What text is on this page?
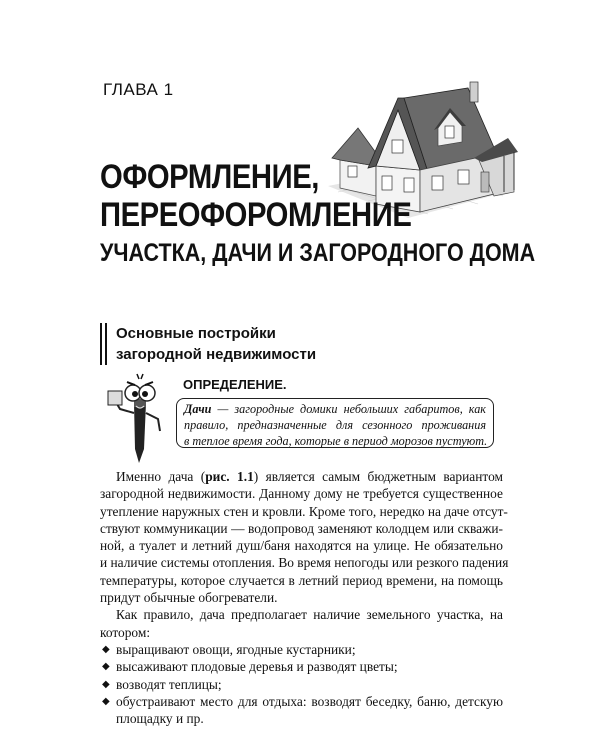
ГЛАВА 1
ОФОРМЛЕНИЕ,
ПЕРЕОФОРОМЛЕНИЕ
УЧАСТКА, ДАЧИ И ЗАГОРОДНОГО ДОМА
Основные постройки
загородной недвижимости
ОПРЕДЕЛЕНИЕ.
Дачи — загородные домики небольших габаритов, как
правило, предназначенные для сезонного проживания
в теплое время года, которые в период морозов пустуют.
Именно дача (рис. 1.1) является самым бюджетным вариантом
загородной недвижимости. Данному дому не требуется существенное
утепление наружных стен и кровли. Кроме того, нередко на даче отсут-
ствуют коммуникации — водопровод заменяют колодцем или скважи-
ной, а туалет и летний душ/баня находятся на улице. Не обязательно
и наличие системы отопления. Во время непогоды или резкого падения
температуры, которое случается в летний период времени, на помощь
придут обычные обогреватели.
Как правило, дача предполагает наличие земельного участка, на
котором:
◆ выращивают овощи, ягодные кустарники;
◆ высаживают плодовые деревья и разводят цветы;
◆ возводят теплицы;
◆ обустраивают место для отдыха: возводят беседку, баню, детскую площадку и пр.
